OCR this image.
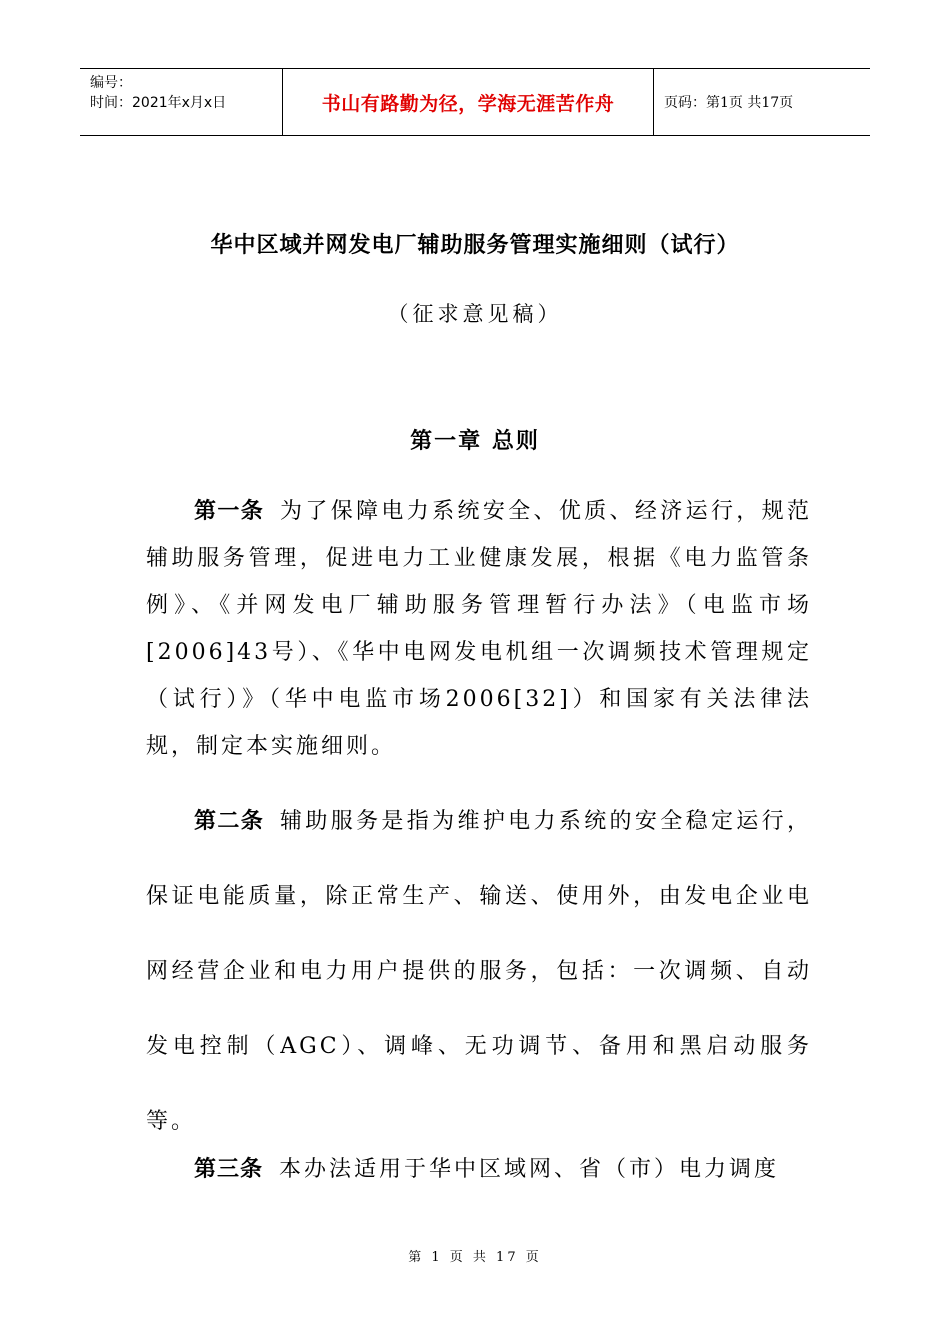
编号：
时间：2021年x月x日	书山有路勤为径，学海无涯苦作舟	页码：第1页 共17页
华中区域并网发电厂辅助服务管理实施细则（试行）
（征求意见稿）
第一章 总则

第一条 为了保障电力系统安全、优质、经济运行，规范辅助服务管理，促进电力工业健康发展，根据《电力监管条例》、《并网发电厂辅助服务管理暂行办法》（电监市场[2006]43号）、《华中电网发电机组一次调频技术管理规定（试行）》（华中电监市场2006[32]）和国家有关法律法规，制定本实施细则。

第二条 辅助服务是指为维护电力系统的安全稳定运行，保证电能质量，除正常生产、输送、使用外，由发电企业电网经营企业和电力用户提供的服务，包括：一次调频、自动发电控制（AGC）、调峰、无功调节、备用和黑启动服务等。

第三条 本办法适用于华中区域网、省（市）电力调度

第 1 页 共 17 页
